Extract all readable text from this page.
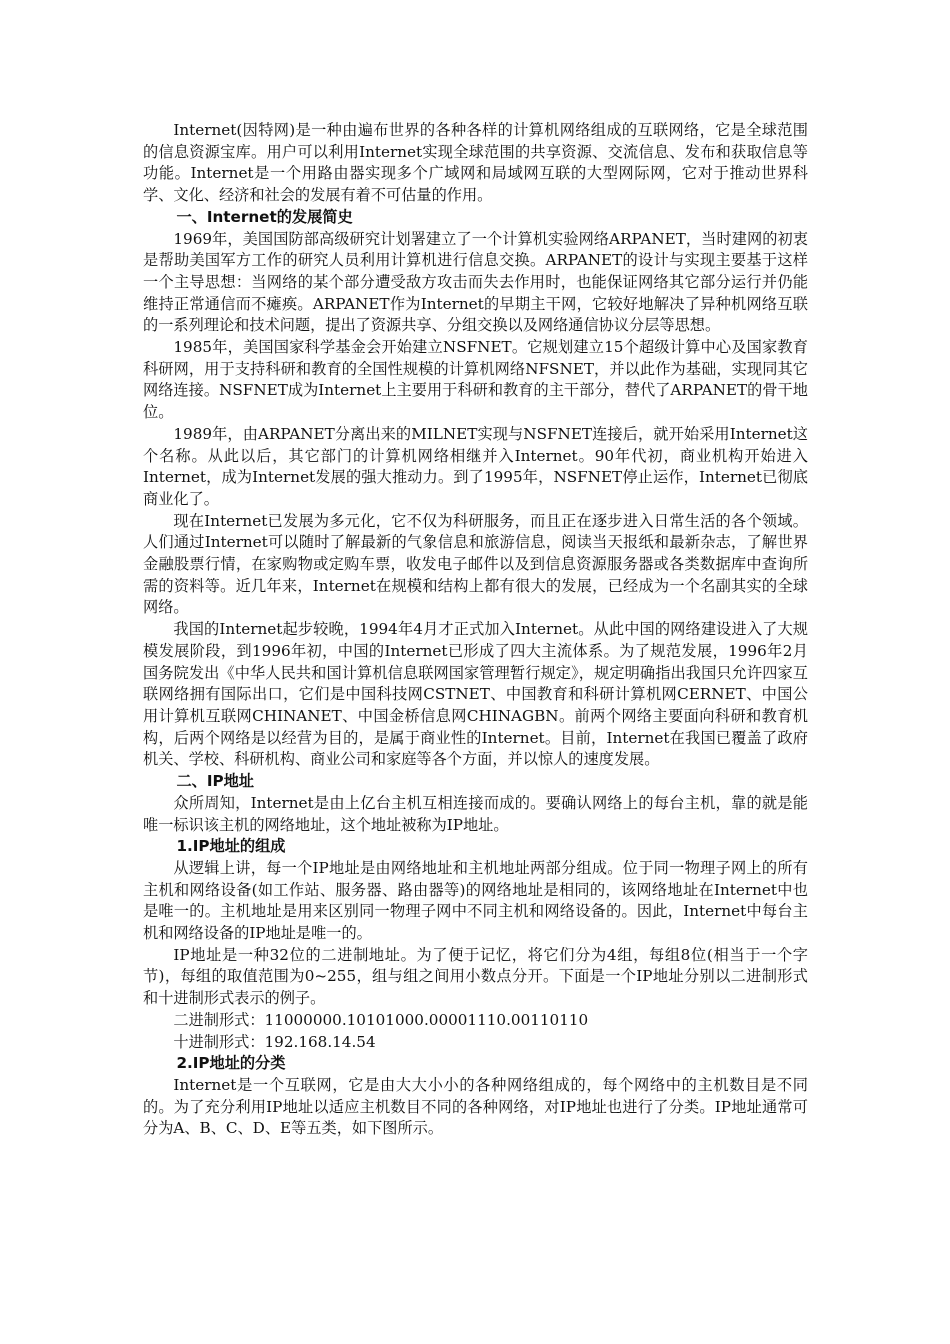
Internet(因特网)是一种由遍布世界的各种各样的计算机网络组成的互联网络，它是全球范围的信息资源宝库。用户可以利用Internet实现全球范围的共享资源、交流信息、发布和获取信息等功能。Internet是一个用路由器实现多个广域网和局域网互联的大型网际网，它对于推动世界科学、文化、经济和社会的发展有着不可估量的作用。

一、Internet的发展简史

1969年，美国国防部高级研究计划署建立了一个计算机实验网络ARPANET，当时建网的初衷是帮助美国军方工作的研究人员利用计算机进行信息交换。ARPANET的设计与实现主要基于这样一个主导思想：当网络的某个部分遭受敌方攻击而失去作用时，也能保证网络其它部分运行并仍能维持正常通信而不瘫痪。ARPANET作为Internet的早期主干网，它较好地解决了异种机网络互联的一系列理论和技术问题，提出了资源共享、分组交换以及网络通信协议分层等思想。

1985年，美国国家科学基金会开始建立NSFNET。它规划建立15个超级计算中心及国家教育科研网，用于支持科研和教育的全国性规模的计算机网络NFSNET，并以此作为基础，实现同其它网络连接。NSFNET成为Internet上主要用于科研和教育的主干部分，替代了ARPANET的骨干地位。

1989年，由ARPANET分离出来的MILNET实现与NSFNET连接后，就开始采用Internet这个名称。从此以后，其它部门的计算机网络相继并入Internet。90年代初，商业机构开始进入Internet，成为Internet发展的强大推动力。到了1995年，NSFNET停止运作，Internet已彻底商业化了。

现在Internet已发展为多元化，它不仅为科研服务，而且正在逐步进入日常生活的各个领域。人们通过Internet可以随时了解最新的气象信息和旅游信息，阅读当天报纸和最新杂志，了解世界金融股票行情，在家购物或定购车票，收发电子邮件以及到信息资源服务器或各类数据库中查询所需的资料等。近几年来，Internet在规模和结构上都有很大的发展，已经成为一个名副其实的全球网络。

我国的Internet起步较晚，1994年4月才正式加入Internet。从此中国的网络建设进入了大规模发展阶段，到1996年初，中国的Internet已形成了四大主流体系。为了规范发展，1996年2月国务院发出《中华人民共和国计算机信息联网国家管理暂行规定》，规定明确指出我国只允许四家互联网络拥有国际出口，它们是中国科技网CSTNET、中国教育和科研计算机网CERNET、中国公用计算机互联网CHINANET、中国金桥信息网CHINAGBN。前两个网络主要面向科研和教育机构，后两个网络是以经营为目的，是属于商业性的Internet。目前，Internet在我国已覆盖了政府机关、学校、科研机构、商业公司和家庭等各个方面，并以惊人的速度发展。

二、IP地址

众所周知，Internet是由上亿台主机互相连接而成的。要确认网络上的每台主机，靠的就是能唯一标识该主机的网络地址，这个地址被称为IP地址。

1.IP地址的组成

从逻辑上讲，每一个IP地址是由网络地址和主机地址两部分组成。位于同一物理子网上的所有主机和网络设备(如工作站、服务器、路由器等)的网络地址是相同的，该网络地址在Internet中也是唯一的。主机地址是用来区别同一物理子网中不同主机和网络设备的。因此，Internet中每台主机和网络设备的IP地址是唯一的。

IP地址是一种32位的二进制地址。为了便于记忆，将它们分为4组，每组8位(相当于一个字节)，每组的取值范围为0~255，组与组之间用小数点分开。下面是一个IP地址分别以二进制形式和十进制形式表示的例子。

二进制形式：11000000.10101000.00001110.00110110

十进制形式：192.168.14.54

2.IP地址的分类

Internet是一个互联网，它是由大大小小的各种网络组成的，每个网络中的主机数目是不同的。为了充分利用IP地址以适应主机数目不同的各种网络，对IP地址也进行了分类。IP地址通常可分为A、B、C、D、E等五类，如下图所示。
